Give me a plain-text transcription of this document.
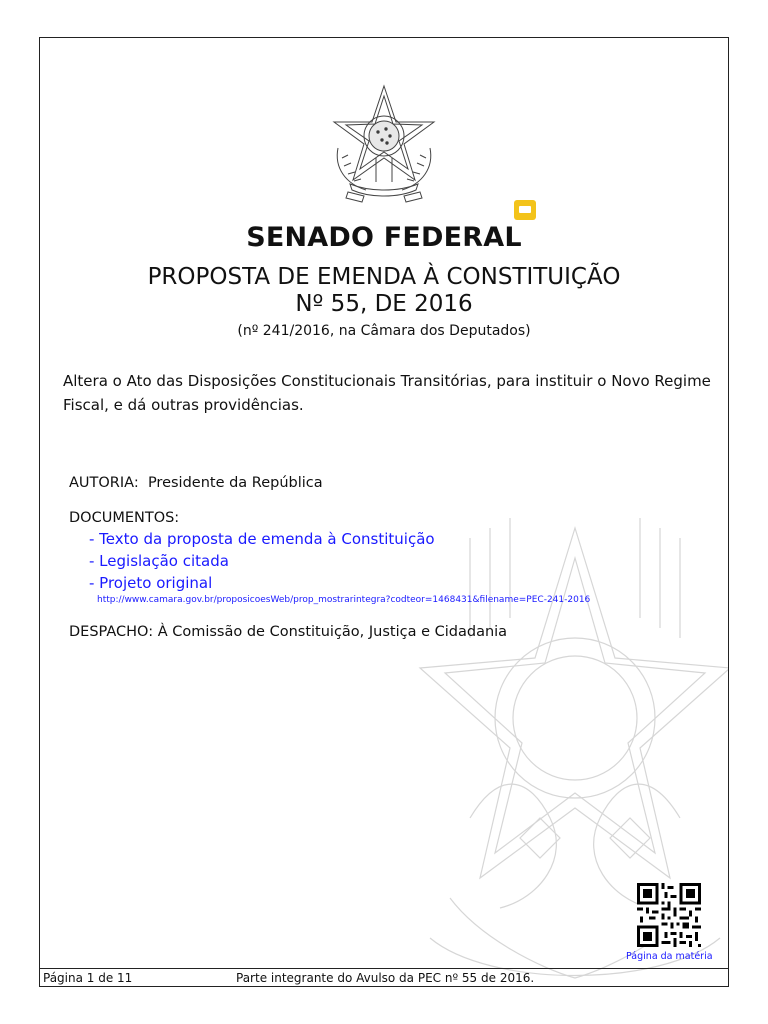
SENADO FEDERAL
PROPOSTA DE EMENDA À CONSTITUIÇÃO
Nº 55, DE 2016
(nº 241/2016, na Câmara dos Deputados)
Altera o Ato das Disposições Constitucionais Transitórias, para instituir o Novo Regime Fiscal, e dá outras providências.
AUTORIA: Presidente da República
DOCUMENTOS:
- Texto da proposta de emenda à Constituição
- Legislação citada
- Projeto original
http://www.camara.gov.br/proposicoesWeb/prop_mostrarintegra?codteor=1468431&filename=PEC-241-2016
DESPACHO: À Comissão de Constituição, Justiça e Cidadania
Página da matéria
Página 1 de 11	Parte integrante do Avulso da PEC nº 55 de 2016.
